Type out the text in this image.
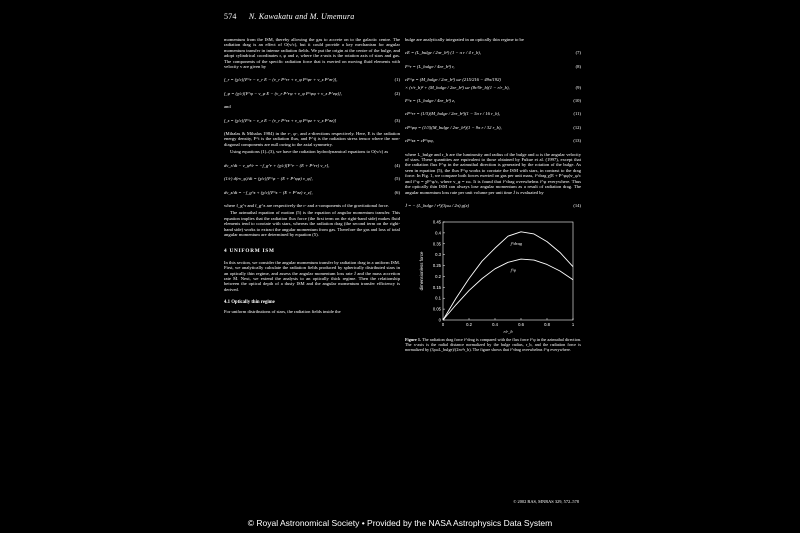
574 N. Kawakatu and M. Umemura

momentum from the ISM, thereby allowing the gas to accrete on to the galactic centre. The radiation drag is an effect of O(v/c), but it could provide a key mechanism for angular momentum transfer in intense radiation fields. We put the origin at the centre of the bulge, and adopt cylindrical coordinates r, φ and z, where the z-axis is the rotation axis of stars and gas. The components of the specific radiation force that is exerted on moving fluid elements with velocity v are given by

f_r = (χ/c)[F^r − v_r E − (v_r P^rr + v_φ P^φr + v_z P^zr)],	(1)
f_φ = (χ/c)[F^φ − v_φ E − (v_r P^rφ + v_φ P^φφ + v_z P^zφ)],	(2)

and

f_z = (χ/c)[F^z − v_z E − (v_r P^rz + v_φ P^φz + v_z P^zz)]	(3)

(Mihalas & Mihalas 1984) in the r-, φ-, and z-directions respectively. Here, E is the radiation energy density, F^i is the radiation flux, and P^ij is the radiation stress tensor where the non-diagonal components are null owing to the axial symmetry.

Using equations (1)–(3), we have the radiation hydrodynamical equations to O(v/c) as

dv_r/dt − v_φ²/r = −f_g^r + (χ/c)[F^r − (E + P^rr) v_r],	(4)
(1/r) d(rv_φ)/dt = (χ/c)[F^φ − (E + P^φφ) v_φ],	(5)
dv_z/dt = −f_g^z + (χ/c)[F^z − (E + P^zz) v_z],	(6)

where f_g^r and f_g^z are respectively the r- and z-components of the gravitational force.

The azimuthal equation of motion (5) is the equation of angular momentum transfer. This equation implies that the radiation flux force (the first term on the right-hand side) makes fluid elements tend to corotate with stars, whereas the radiation drag (the second term on the right-hand side) works to extract the angular momentum from gas. Therefore the gas and loss of total angular momentum are determined by equation (5).

4 UNIFORM ISM

In this section, we consider the angular momentum transfer by radiation drag in a uniform ISM. First, we analytically calculate the radiation fields produced by spherically distributed stars in an optically thin regime, and assess the angular momentum loss rate J̇ and the mass accretion rate Ṁ. Next, we extend the analysis to an optically thick regime. Then the relationship between the optical depth of a dusty ISM and the angular momentum transfer efficiency is derived.

4.1 Optically thin regime

For uniform distributions of stars, the radiation fields inside the

bulge are analytically integrated in an optically thin regime to be

cE = (L_bulge / 2πr_b²) (1 − π r / 4 r_b),	(7)
F^r = (L_bulge / 4πr_b³) r,	(8)
cF^φ = (M_bulge / 2πr_b²) ωr (215/216 − 49π/192)
× (r/r_b)² + (M_bulge / 2πr_b²) ωr (8r/9r_b)(1 − r/r_b),	(9)
F^z = (L_bulge / 4πr_b³) z,	(10)
cP^rr = (1/3)(M_bulge / 2πr_b²)(1 − 5π r / 16 r_b),	(11)
cP^φφ = (1/3)(M_bulge / 2πr_b²)(1 − 9π r / 32 r_b),	(12)
cP^zz = cP^φφ,	(13)

where L_bulge and r_b are the luminosity and radius of the bulge and ω is the angular velocity of stars. These quantities are equivalent to those obtained by Fukue et al. (1997), except that the radiation flux F^φ in the azimuthal direction is generated by the rotation of the bulge. As seen in equation (5), the flux F^φ works to corotate the ISM with stars, in contrast to the drag force. In Fig. 1, we compare both forces exerted on gas per unit mass, f^drag χ(E + P^φφ)v_φ/c and f^φ = χF^φ/c, where v_φ = rω. It is found that f^drag overwhelms f^φ everywhere. Thus the optically thin ISM can always lose angular momentum as a result of radiation drag. The angular momentum loss rate per unit volume per unit time J̇ is evaluated by

J̇ = − (L_bulge / r²)(3ρω / 2π) g(x)	(14)
0
0.05
0.1
0.15
0.2
0.25
0.3
0.35
0.4
0.45
0	0.2	0.4	0.6	0.8	1
r/r_b
dimensionless force
f^drag
f^φ
Figure 1. The radiation drag force f^drag is compared with the flux force f^φ in the azimuthal direction. The x-axis is the radial distance normalized by the bulge radius, r_b, and the radiation force is normalized by (3ρωL_bulge)/(2πc²r_b). The figure shows that f^drag overwhelms f^φ everywhere.
© 2002 RAS, MNRAS 329, 572–578
© Royal Astronomical Society • Provided by the NASA Astrophysics Data System
